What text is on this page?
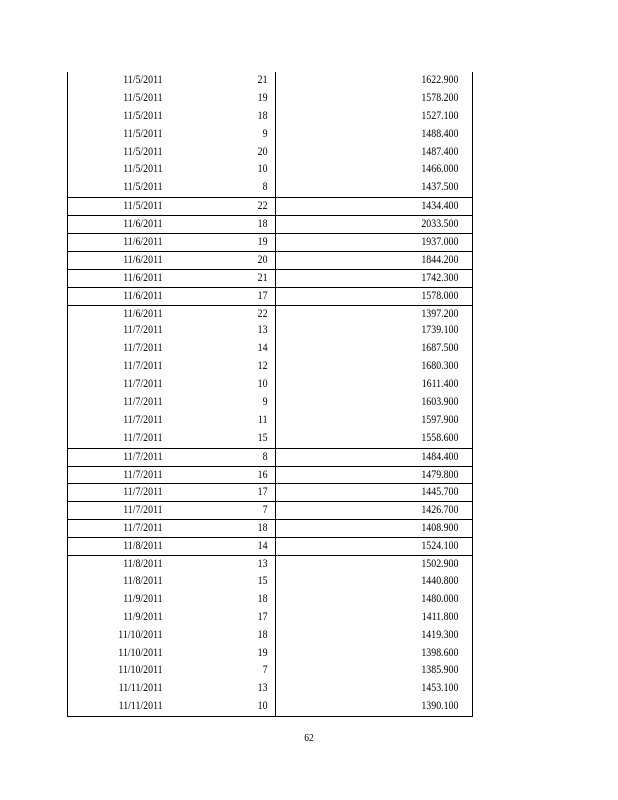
11/5/2011	21	1622.900
11/5/2011	19	1578.200
11/5/2011	18	1527.100
11/5/2011	9	1488.400
11/5/2011	20	1487.400
11/5/2011	10	1466.000
11/5/2011	8	1437.500
11/5/2011	22	1434.400
11/6/2011	18	2033.500
11/6/2011	19	1937.000
11/6/2011	20	1844.200
11/6/2011	21	1742.300
11/6/2011	17	1578.000
11/6/2011	22	1397.200
11/7/2011	13	1739.100
11/7/2011	14	1687.500
11/7/2011	12	1680.300
11/7/2011	10	1611.400
11/7/2011	9	1603.900
11/7/2011	11	1597.900
11/7/2011	15	1558.600
11/7/2011	8	1484.400
11/7/2011	16	1479.800
11/7/2011	17	1445.700
11/7/2011	7	1426.700
11/7/2011	18	1408.900
11/8/2011	14	1524.100
11/8/2011	13	1502.900
11/8/2011	15	1440.800
11/9/2011	18	1480.000
11/9/2011	17	1411.800
11/10/2011	18	1419.300
11/10/2011	19	1398.600
11/10/2011	7	1385.900
11/11/2011	13	1453.100
11/11/2011	10	1390.100
62
